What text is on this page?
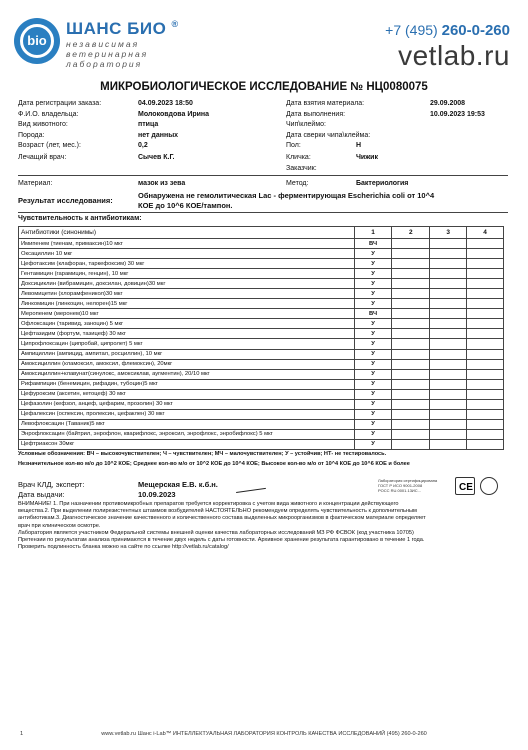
bio
ШАНС БИО ®
независимая
ветеринарная
лаборатория
+7 (495) 260-0-260
vetlab.ru
МИКРОБИОЛОГИЧЕСКОЕ ИССЛЕДОВАНИЕ № НЦ0080075
Дата регистрации заказа:	04.09.2023 18:50
Ф.И.О. владельца:	Молоковдова Ирина
Вид животного:	птица
Порода:	нет данных
Возраст (лет, мес.):	0,2
Лечащий врач:	Сычев К.Г.
Дата взятия материала:	29.09.2008
Дата выполнения:	10.09.2023 19:53
Чип\клеймо:
Дата сверки чипа\клейма:
Пол:	Н
Кличка:	Чижик
Заказчик:
Материал:	мазок из зева	Метод:	Бактериология
Результат исследования:
Обнаружена не гемолитическая Lac - ферментирующая Escherichia coli от 10^4
КОЕ до 10^6 КОЕ/тампон.
Чувствительность к антибиотикам:
Антибиотики (синонимы)	1	2	3	4
Имипенем (тиенам, примаксин)10 мкг	ВЧ			
Оксациллин 10 мкг	У			
Цефотаксим (клафоран, таркефоксим) 30 мкг	У			
Гентамицин (гарамицин, генцин), 10 мкг	У			
Доксициклин (вибрамицин, доксилан, довицин)30 мкг	У			
Левомицетин (хлорамфеникол)30 мкг	У			
Линкомицин (линкоцин, нелорен)15 мкг	У			
Меропенем (меронем)10 мкг	ВЧ			
Офлоксацин (таривид, заноцин) 5 мкг	У			
Цефтазидим (фортум, тазицеф) 30 мкг	У			
Ципрофлоксацин (ципробай, ципролет) 5 мкг	У			
Ампициллин (ампицид, ампитал, росциллин), 10 мкг	У			
Амоксициллин (кламоксил, амоксил, флемоксин), 20мкг	У			
Амоксициллин+клавунат(синулокс, амоксиклав, аугментин), 20/10 мкг	У			
Рифампицин (бенемицин, рифадин, тубоцин)5 мкг	У			
Цефуроксим (аксетин, кетоцеф) 30 мкг	У			
Цефазолин (кефзол, анцеф, цефарим, прозолин) 30 мкг	У			
Цефалексин (оспексин, пролексин, цефаклен) 30 мкг	У			
Левофлоксацин (Таваник)5 мкг	У			
Энрофлоксацин (байтрил, энрофлон, кварифлокс, энроксил, энрофлокс, энробифлокс) 5 мкг	У			
Цефтриаксон 30мкг	У			
Условные обозначения: ВЧ – высокочувствителен; Ч – чувствителен; МЧ – малочувствителен; У – устойчив; НТ- не тестировалось.
Незначительное кол-во м/о до 10^2 КОЕ; Среднее кол-во м/о от 10^2 КОЕ до 10^4 КОЕ; Высокое кол-во м/о от 10^4 КОЕ до 10^6 КОЕ и более
Врач КЛД, эксперт:	Мещерская Е.В. к.б.н.
Дата выдачи:	10.09.2023
Лаборатория сертифицирована
ГОСТ Р ИСО 9001-2008
РОСС RU.0001.13ИС...	СЕ
ВНИМАНИЕ! 1. При назначении противомикробных препаратов требуется корректировка с учетом вида животного и концентрации действующего
вещества.2. При выделении полирезистентных штаммов возбудителей НАСТОЯТЕЛЬНО рекомендуем определять чувствительность к дополнительным
антибиотикам.3. Диагностическое значение качественного и количественного состава выделенных микроорганизмов в фактическом материале определяет
врач при клиническом осмотре.
Лаборатория является участником Федеральной системы внешней оценки качества лабораторных исследований МЗ РФ ФСВОК (код участника 10705)
Претензии по результатам анализа принимаются в течение двух недель с даты готовности. Архивное хранение результата гарантировано в течение 1 года.
Проверить подлинность бланка можно на сайте по ссылке http://vetlab.ru/catalog/
1	www.vetlab.ru Шанс i-Lab™ ИНТЕЛЛЕКТУАЛЬНАЯ ЛАБОРАТОРИЯ КОНТРОЛЬ КАЧЕСТВА ИССЛЕДОВАНИЙ (495) 260-0-260
